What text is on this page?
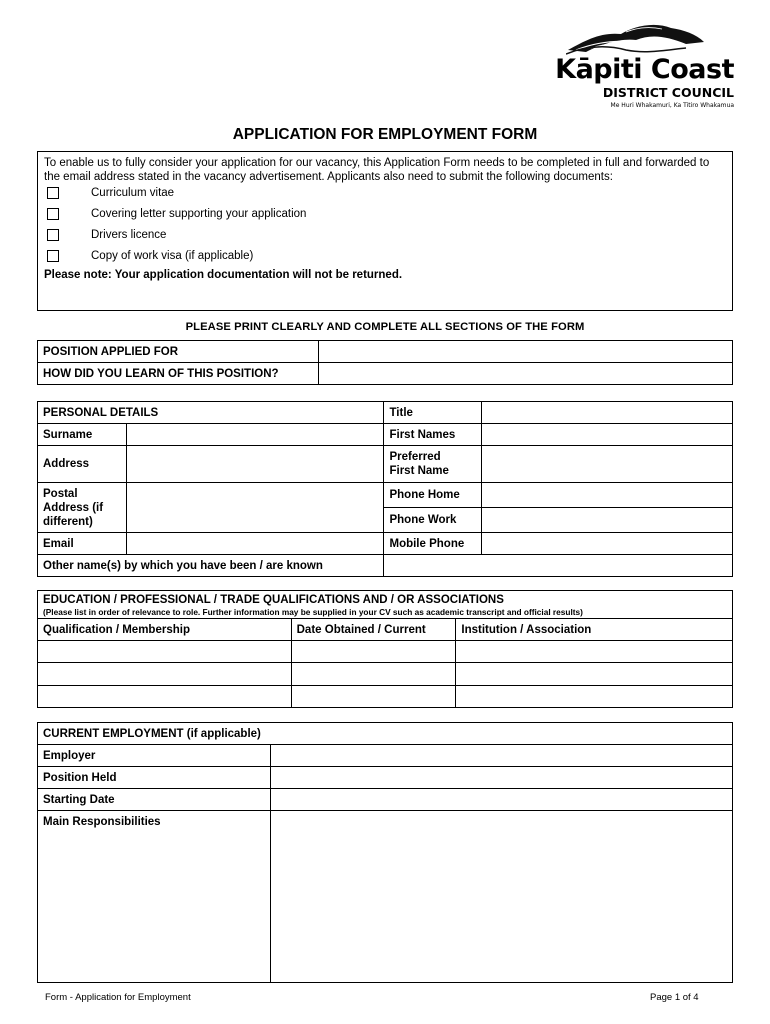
Kāpiti Coast
DISTRICT COUNCIL
Me Huri Whakamuri, Ka Titiro Whakamua
APPLICATION FOR EMPLOYMENT FORM
To enable us to fully consider your application for our vacancy, this Application Form needs to be completed in full and forwarded to the email address stated in the vacancy advertisement. Applicants also need to submit the following documents:
Curriculum vitae
Covering letter supporting your application
Drivers licence
Copy of work visa (if applicable)
Please note: Your application documentation will not be returned.
PLEASE PRINT CLEARLY AND COMPLETE ALL SECTIONS OF THE FORM
POSITION APPLIED FOR	
HOW DID YOU LEARN OF THIS POSITION?	
PERSONAL DETAILS		Title	
Surname		First Names	
Address		Preferred
First Name	

Postal
Address (if
different)		Phone Home	
		Phone Work	
Email		Mobile Phone	
Other name(s) by which you have been / are known			
EDUCATION / PROFESSIONAL / TRADE QUALIFICATIONS AND / OR ASSOCIATIONS
(Please list in order of relevance to role. Further information may be supplied in your CV such as academic transcript and official results)		

Qualification / Membership	Date Obtained / Current	Institution / Association

CURRENT EMPLOYMENT (if applicable)	
Employer	
Position Held	
Starting Date	
Main Responsibilities	
Form - Application for Employment	Page 1 of 4
